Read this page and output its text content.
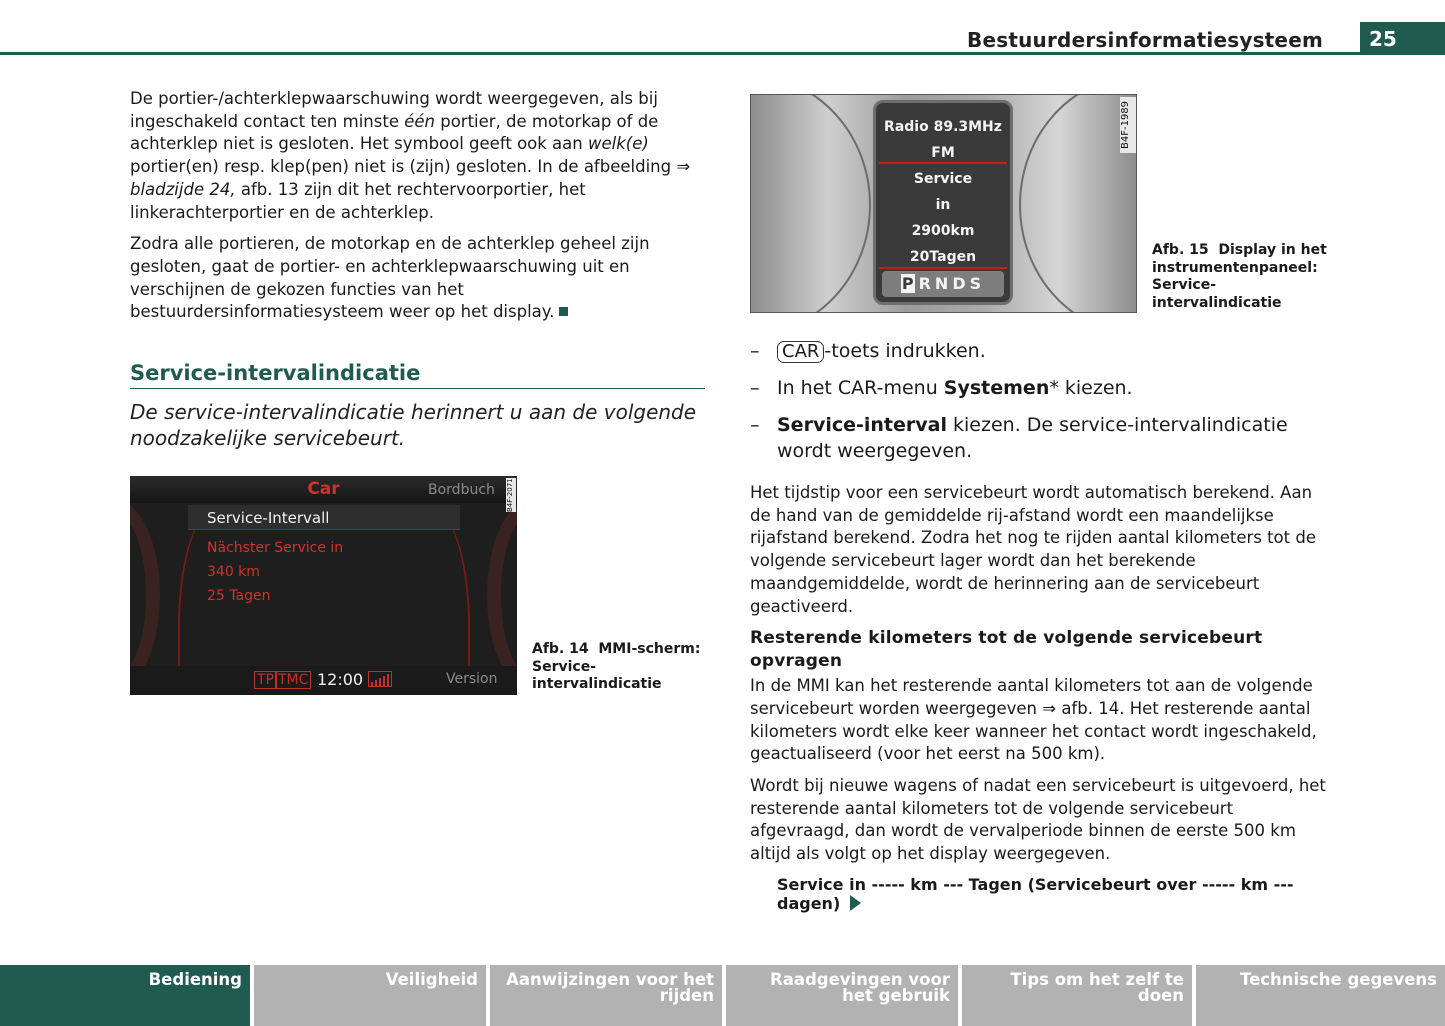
Bestuurdersinformatiesysteem	25

De portier-/achterklepwaarschuwing wordt weergegeven, als bij ingeschakeld contact ten minste één portier, de motorkap of de achterklep niet is gesloten. Het symbool geeft ook aan welk(e) portier(en) resp. klep(pen) niet is (zijn) gesloten. In de afbeelding ⇒ bladzijde 24, afb. 13 zijn dit het rechtervoorportier, het linkerachterportier en de achterklep.

Zodra alle portieren, de motorkap en de achterklep geheel zijn gesloten, gaat de portier- en achterklepwaarschuwing uit en verschijnen de gekozen functies van het bestuurdersinformatiesysteem weer op het display.

Service-intervalindicatie

De service-intervalindicatie herinnert u aan de volgende noodzakelijke servicebeurt.

Car	Bordbuch B4F-2071
Service-Intervall
Nächster Service in
340 km
25 Tagen
TP TMC 12:00	Version
Afb. 14 MMI-scherm: Service-intervalindicatie
Radio 89.3MHz
FM
Service
in
2900km
20Tagen
P RNDS
B4F-1989
Afb. 15 Display in het instrumentenpaneel: Service-intervalindicatie
– CAR -toets indrukken.
– In het CAR-menu Systemen* kiezen.
– Service-interval kiezen. De service-intervalindicatie wordt weergegeven.

Het tijdstip voor een servicebeurt wordt automatisch berekend. Aan de hand van de gemiddelde rij-afstand wordt een maandelijkse rijafstand berekend. Zodra het nog te rijden aantal kilometers tot de volgende servicebeurt lager wordt dan het berekende maandgemiddelde, wordt de herinnering aan de servicebeurt geactiveerd.

Resterende kilometers tot de volgende servicebeurt opvragen

In de MMI kan het resterende aantal kilometers tot aan de volgende servicebeurt worden weergegeven ⇒ afb. 14. Het resterende aantal kilometers wordt elke keer wanneer het contact wordt ingeschakeld, geactualiseerd (voor het eerst na 500 km).

Wordt bij nieuwe wagens of nadat een servicebeurt is uitgevoerd, het resterende aantal kilometers tot de volgende servicebeurt afgevraagd, dan wordt de vervalperiode binnen de eerste 500 km altijd als volgt op het display weergegeven.

Service in ----- km --- Tagen (Servicebeurt over ----- km --- dagen)
Bediening	Veiligheid	Aanwijzingen voor het rijden
Raadgevingen voor het gebruik
Tips om het zelf te doen
Technische gegevens
